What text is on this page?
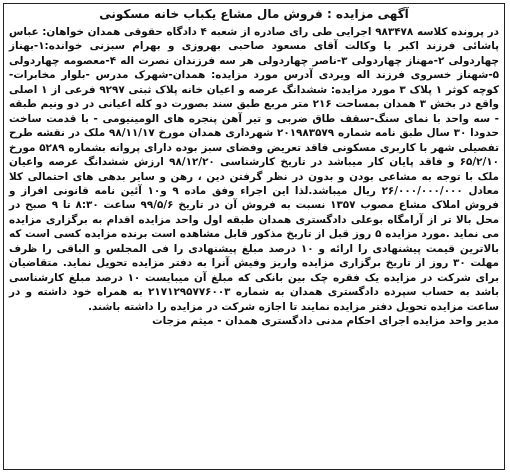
آگهی مزایده : فروش مال مشاع یکباب خانه مسکونی

در پرونده کلاسه ۹۸۳۴۷۸ اجرایی طی رای صادره از شعبه ۴ دادگاه حقوقی همدان خواهان: عباس پاشائی فرزند اکبر با وکالت آقای مسعود صاحبی بهروزی و بهرام سبزنی خوانده:۱-بهناز چهاردولی ۲-مهناز چهاردولی ۳-ناصر چهاردولی هر سه فرزندان نصرت اله ۴-معصومه چهاردولی ۵-شهناز خسروی فرزند اله ویردی آدرس مورد مزایده: همدان-شهرک مدرس -بلوار مخابرات-کوچه کوثر ۱ پلاک ۳ مورد مزایده: ششدانگ عرصه و اعیان خانه پلاک ثبتی ۹۲۹۷ فرعی از ۱ اصلی واقع در بخش ۳ همدان بمساحت ۲۱۶ متر مربع طبق سند بصورت دو کله اعیانی در دو ونیم طبقه - سه واحد با نمای سنگ-سقف طاق ضربی و تیر آهن پنجره های الومینیومی - با قدمت ساخت حدودا ۳۰ سال طبق نامه شماره ۲۰۱۹۸۳۵۷۹ شهرداری همدان مورخ ۹۸/۱۱/۱۷ ملک در نقشه طرح تفصیلی شهر با کاربری مسکونی فاقد تعریض وفضای سبز بوده دارای پروانه بشماره ۵۲۸۹ مورخ ۶۵/۲/۱۰ و فاقد پایان کار میباشد در تاریخ کارشناسی ۹۸/۱۲/۲۰ ارزش ششدانگ عرصه واعیان ملک با توجه به مشاعی بودن و بدون در نظر گرفتن دین ، رهن و سایر بدهی های احتمالی کلا معادل ۲۶/۰۰۰/۰۰۰/۰۰۰ ریال میباشد.لذا این اجراء وفق ماده ۹ و۱۰ آئین نامه قانونی افراز و فروش املاک مشاع مصوب ۱۳۵۷ نسبت به فروش آن در تاریخ ۹۹/۵/۶ ساعت ۸:۳۰ تا ۹ صبح در محل بالا تر از آرامگاه بوعلی دادگستری همدان طبقه اول واحد مزایده اقدام به برگزاری مزایده می نماید .مورد مزایده ۵ روز قبل از تاریخ مذکور قابل مشاهده است برنده مزایده کسی است که بالاترین قیمت پیشنهادی را ارائه و ۱۰ درصد مبلغ پیشنهادی را فی المجلس و الباقی را ظرف مهلت ۳۰ روز از تاریخ برگزاری مزایده واریز وفیش آنرا به دفتر مزایده تحویل نماید. متقاضیان برای شرکت در مزایده یک فقره چک بین بانکی که مبلغ آن میبایست ۱۰ درصد مبلغ کارشناسی باشد به حساب سپرده دادگستری همدان به شماره ۲۱۷۱۲۹۵۷۷۶۰۰۳ به همراه خود داشته و در ساعت مزایده تحویل دفتر مزایده نمایند تا اجازه شرکت در مزایده را داشته باشند.

مدیر واحد مزایده اجرای احکام مدنی دادگستری همدان - میثم مزجات
